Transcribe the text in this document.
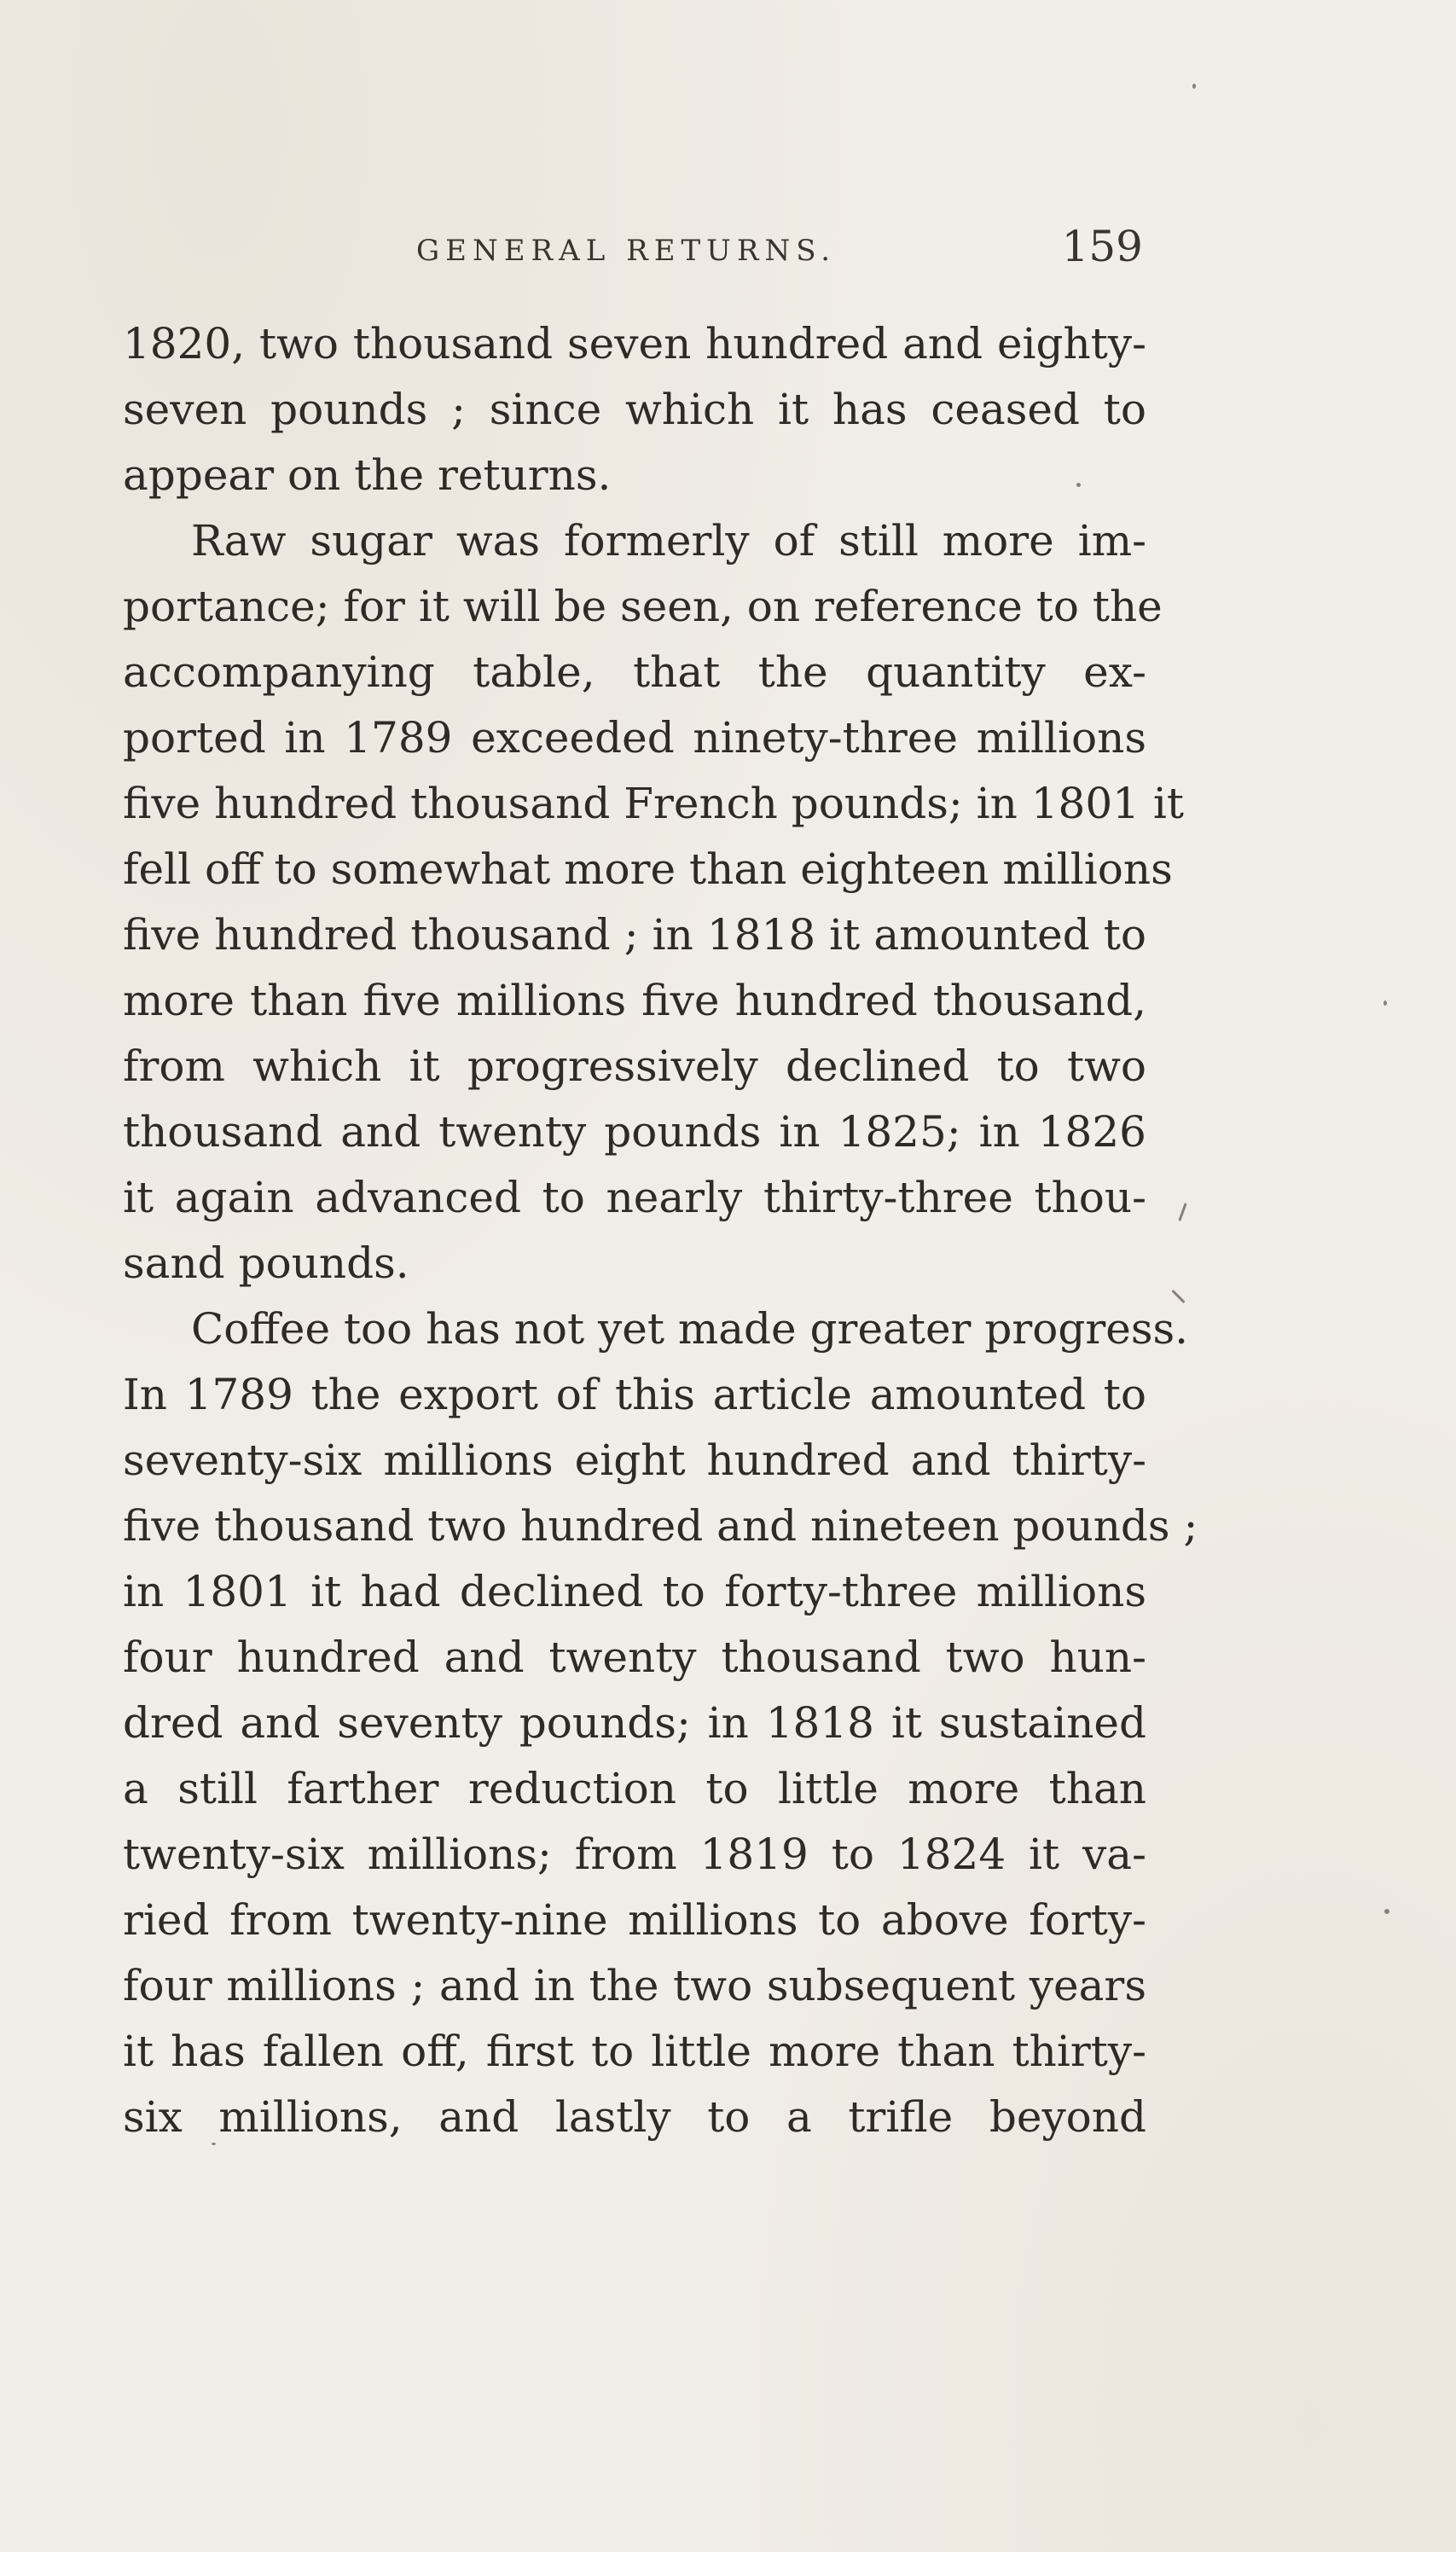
GENERAL RETURNS.	159
1820, two thousand seven hundred and eighty-
seven pounds ; since which it has ceased to
appear on the returns.
Raw sugar was formerly of still more im-
portance; for it will be seen, on reference to the
accompanying table, that the quantity ex-
ported in 1789 exceeded ninety-three millions
five hundred thousand French pounds; in 1801 it
fell off to somewhat more than eighteen millions
five hundred thousand ; in 1818 it amounted to
more than five millions five hundred thousand,
from which it progressively declined to two
thousand and twenty pounds in 1825; in 1826
it again advanced to nearly thirty-three thou-
sand pounds.
Coffee too has not yet made greater progress.
In 1789 the export of this article amounted to
seventy-six millions eight hundred and thirty-
five thousand two hundred and nineteen pounds ;
in 1801 it had declined to forty-three millions
four hundred and twenty thousand two hun-
dred and seventy pounds; in 1818 it sustained
a still farther reduction to little more than
twenty-six millions; from 1819 to 1824 it va-
ried from twenty-nine millions to above forty-
four millions ; and in the two subsequent years
it has fallen off, first to little more than thirty-
six millions, and lastly to a trifle beyond
